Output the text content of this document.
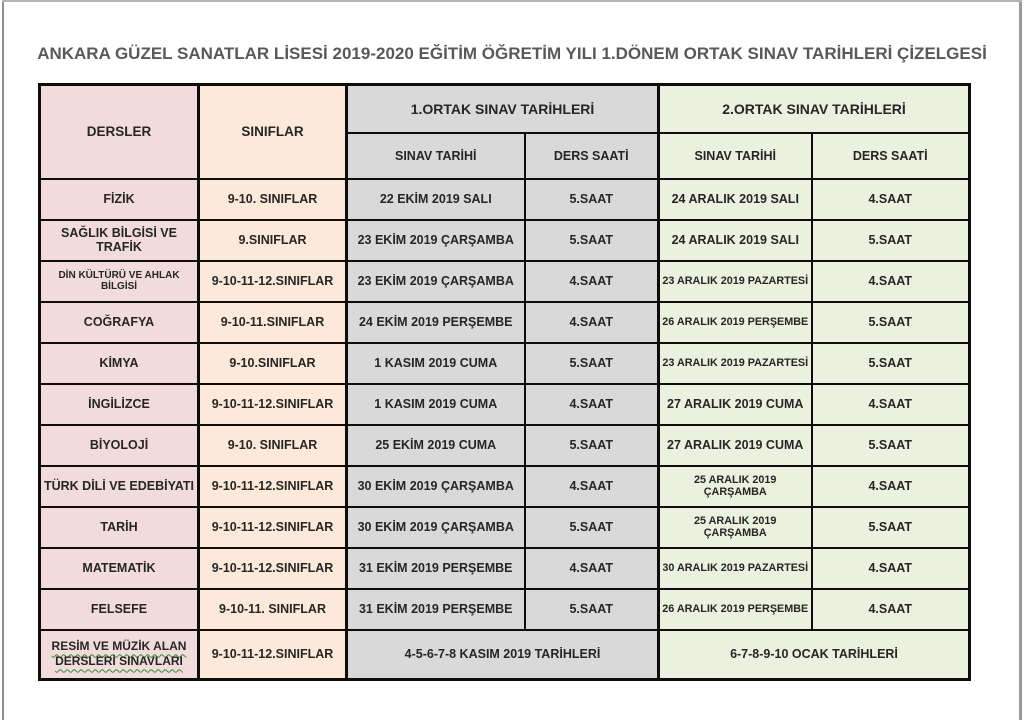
ANKARA GÜZEL SANATLAR LİSESİ 2019-2020 EĞİTİM ÖĞRETİM YILI 1.DÖNEM ORTAK SINAV TARİHLERİ ÇİZELGESİ
DERSLER	SINIFLAR	1.ORTAK SINAV TARİHLERİ		2.ORTAK SINAV TARİHLERİ	
		SINAV TARİHİ	DERS SAATİ	SINAV TARİHİ	DERS SAATİ
FİZİK	9-10. SINIFLAR	22 EKİM 2019 SALI	5.SAAT	24 ARALIK 2019 SALI	4.SAAT
SAĞLIK BİLGİSİ VE TRAFİK	9.SINIFLAR	23 EKİM 2019 ÇARŞAMBA	5.SAAT	24 ARALIK 2019 SALI	5.SAAT
DİN KÜLTÜRÜ VE AHLAK BİLGİSİ	9-10-11-12.SINIFLAR	23 EKİM 2019 ÇARŞAMBA	4.SAAT	23 ARALIK 2019 PAZARTESİ	4.SAAT
COĞRAFYA	9-10-11.SINIFLAR	24 EKİM 2019 PERŞEMBE	4.SAAT	26 ARALIK 2019 PERŞEMBE	5.SAAT
KİMYA	9-10.SINIFLAR	1 KASIM 2019 CUMA	5.SAAT	23 ARALIK 2019 PAZARTESİ	5.SAAT
İNGİLİZCE	9-10-11-12.SINIFLAR	1 KASIM 2019 CUMA	4.SAAT	27 ARALIK 2019 CUMA	4.SAAT
BİYOLOJİ	9-10. SINIFLAR	25 EKİM 2019 CUMA	5.SAAT	27 ARALIK 2019 CUMA	5.SAAT
TÜRK DİLİ VE EDEBİYATI	9-10-11-12.SINIFLAR	30 EKİM 2019 ÇARŞAMBA	4.SAAT	25 ARALIK 2019 ÇARŞAMBA	4.SAAT
TARİH	9-10-11-12.SINIFLAR	30 EKİM 2019 ÇARŞAMBA	5.SAAT	25 ARALIK 2019 ÇARŞAMBA	5.SAAT
MATEMATİK	9-10-11-12.SINIFLAR	31 EKİM 2019 PERŞEMBE	4.SAAT	30 ARALIK 2019 PAZARTESİ	4.SAAT
FELSEFE	9-10-11. SINIFLAR	31 EKİM 2019 PERŞEMBE	5.SAAT	26 ARALIK 2019 PERŞEMBE	4.SAAT
RESİM VE MÜZİK ALAN DERSLERİ SINAVLARI	9-10-11-12.SINIFLAR	4-5-6-7-8 KASIM 2019 TARİHLERİ		6-7-8-9-10 OCAK TARİHLERİ	
